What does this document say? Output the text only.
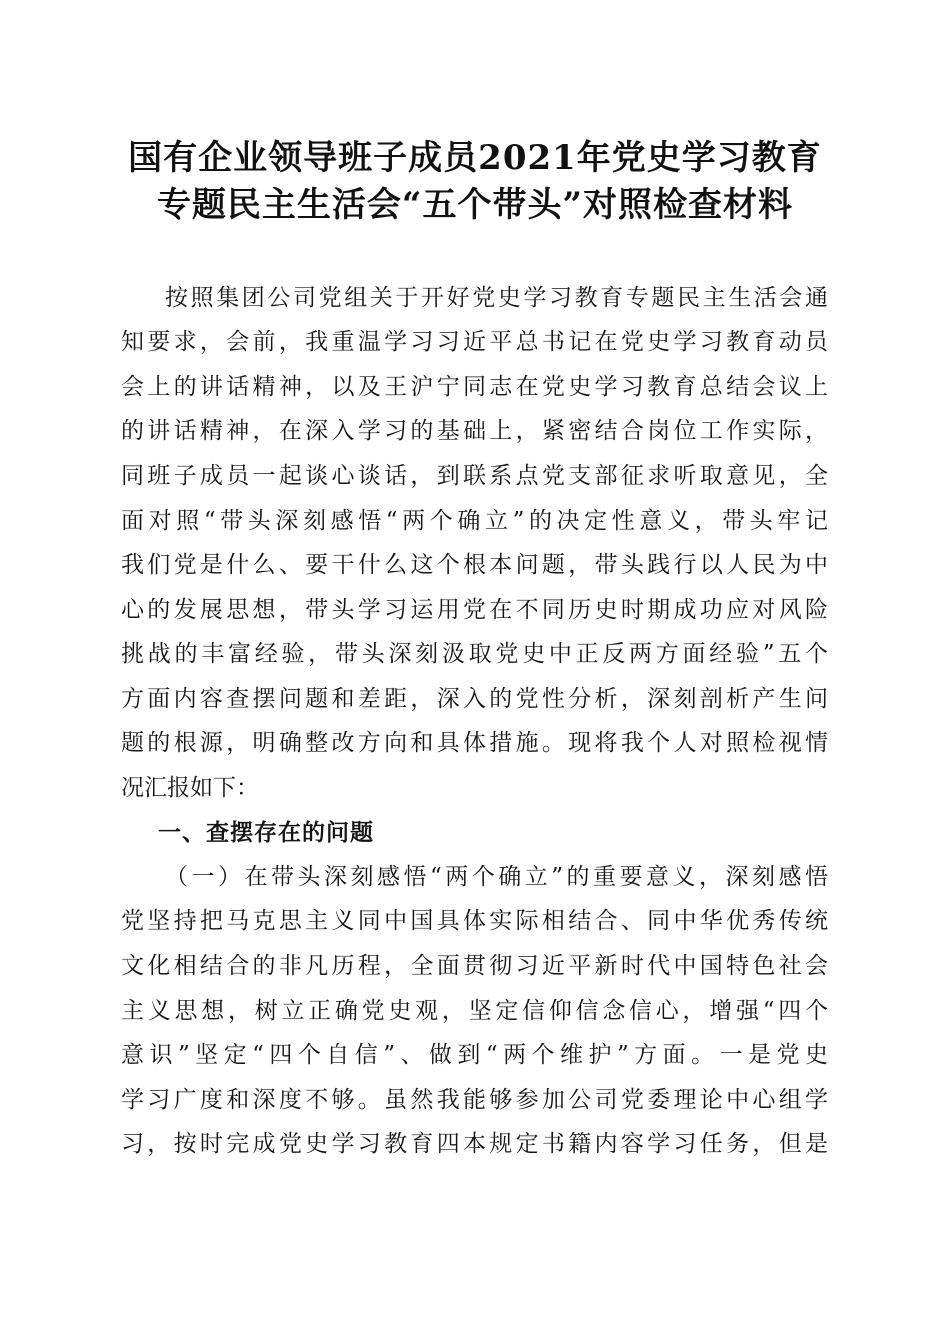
国有企业领导班子成员2021年党史学习教育
专题民主生活会“五个带头”对照检查材料
按照集团公司党组关于开好党史学习教育专题民主生活会通
知要求，会前，我重温学习习近平总书记在党史学习教育动员
会上的讲话精神，以及王沪宁同志在党史学习教育总结会议上
的讲话精神，在深入学习的基础上，紧密结合岗位工作实际，
同班子成员一起谈心谈话，到联系点党支部征求听取意见，全
面对照“带头深刻感悟“两个确立”的决定性意义，带头牢记
我们党是什么、要干什么这个根本问题，带头践行以人民为中
心的发展思想，带头学习运用党在不同历史时期成功应对风险
挑战的丰富经验，带头深刻汲取党史中正反两方面经验”五个
方面内容查摆问题和差距，深入的党性分析，深刻剖析产生问
题的根源，明确整改方向和具体措施。现将我个人对照检视情
况汇报如下：
一、查摆存在的问题
（一）在带头深刻感悟“两个确立”的重要意义，深刻感悟
党坚持把马克思主义同中国具体实际相结合、同中华优秀传统
文化相结合的非凡历程，全面贯彻习近平新时代中国特色社会
主义思想，树立正确党史观，坚定信仰信念信心，增强“四个
意识”坚定“四个自信”、做到“两个维护”方面。一是党史
学习广度和深度不够。虽然我能够参加公司党委理论中心组学
习，按时完成党史学习教育四本规定书籍内容学习任务，但是
